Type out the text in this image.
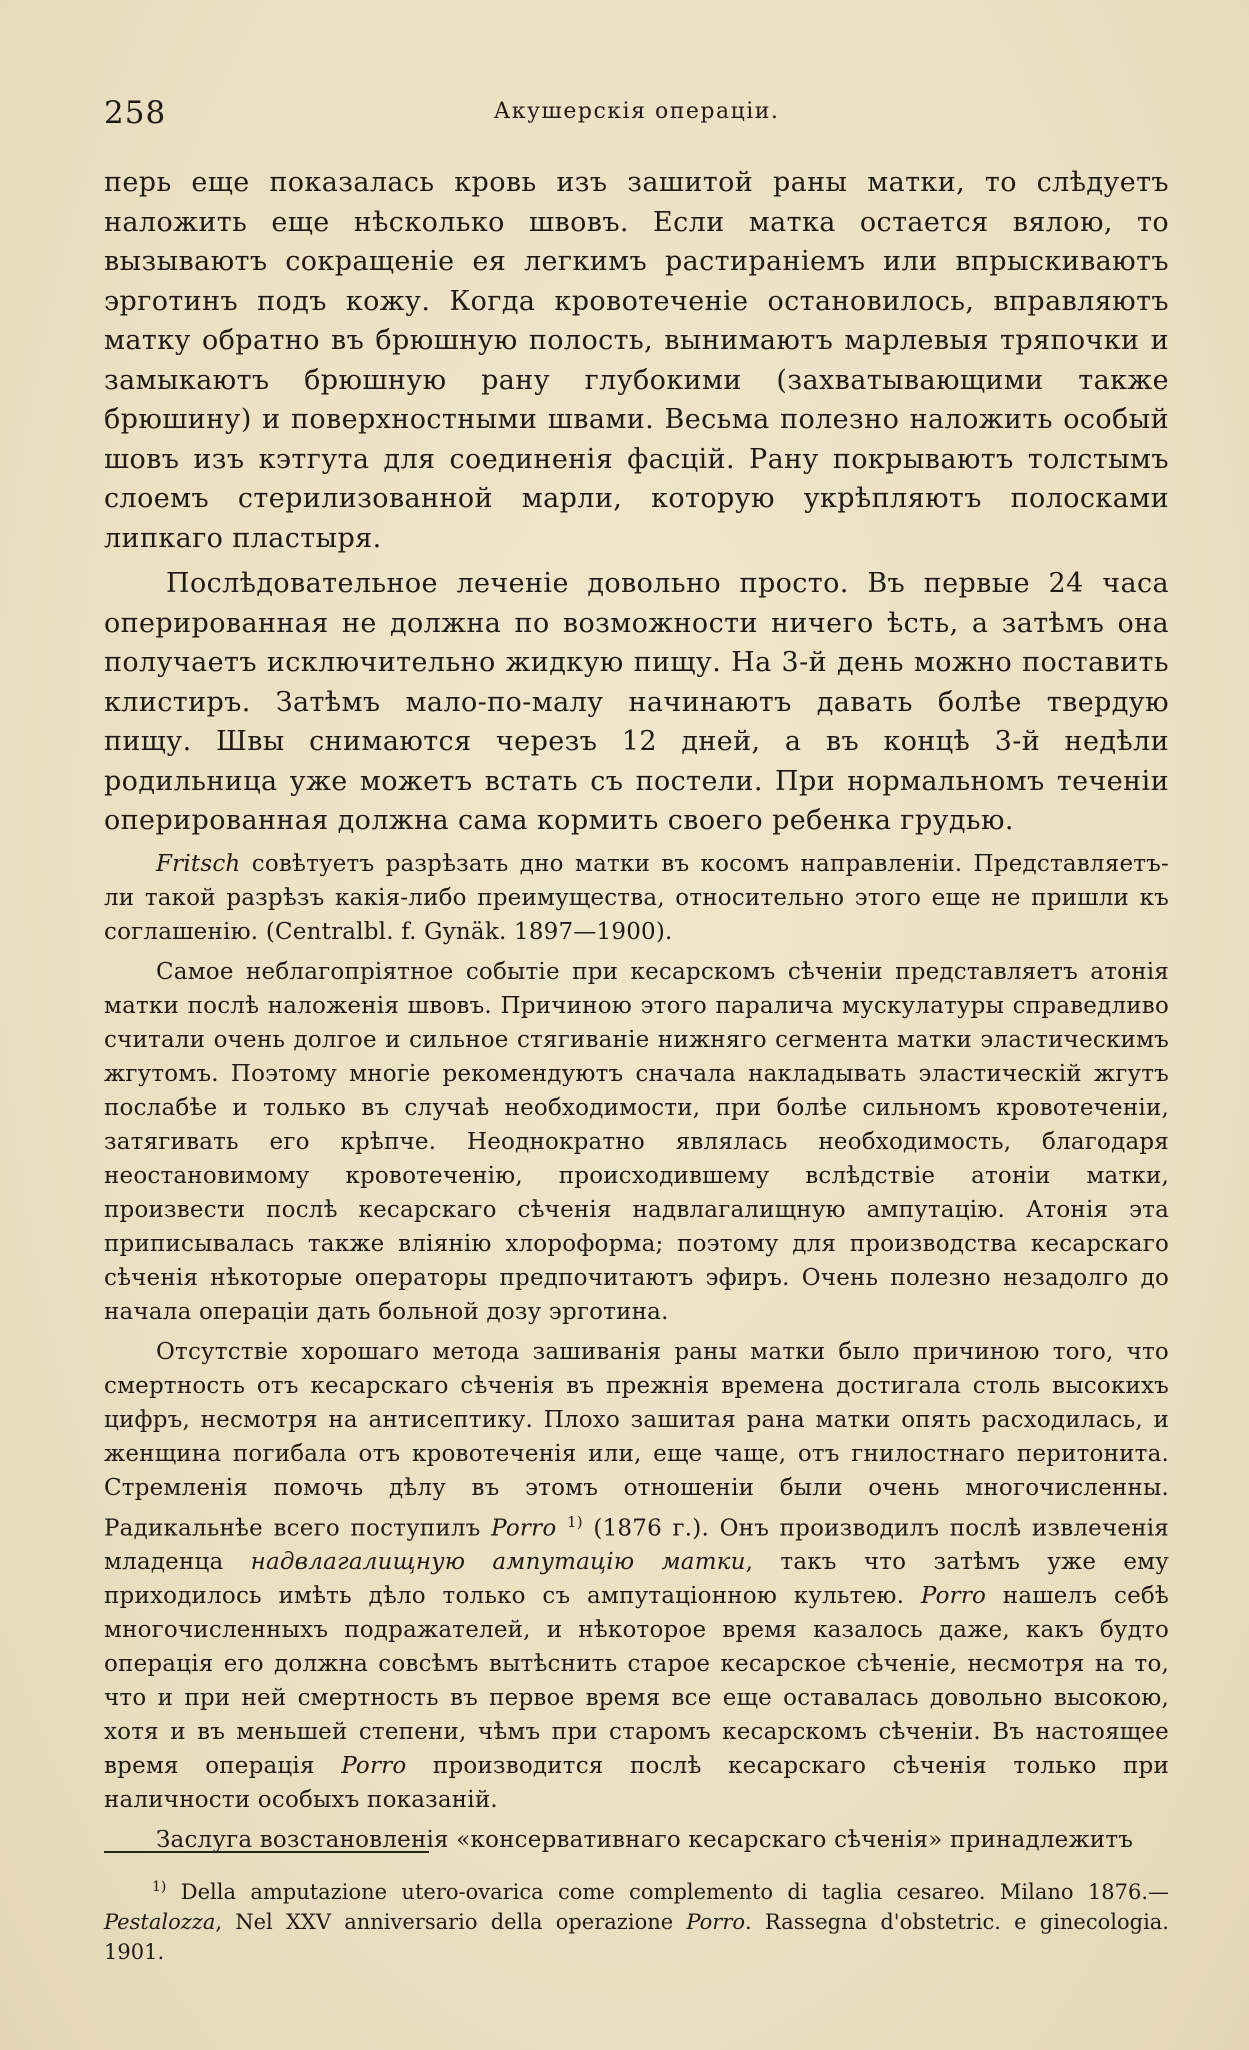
258	Акушерскія операціи.

перь еще показалась кровь изъ зашитой раны матки, то слѣдуетъ наложить еще нѣсколько швовъ. Если матка остается вялою, то вызываютъ сокращеніе ея легкимъ растираніемъ или впрыскиваютъ эрготинъ подъ кожу. Когда кровотеченіе остановилось, вправляютъ матку обратно въ брюшную полость, вынимаютъ марлевыя тряпочки и замыкаютъ брюшную рану глубокими (захватывающими также брюшину) и поверхностными швами. Весьма полезно наложить особый шовъ изъ кэтгута для соединенія фасцій. Рану покрываютъ толстымъ слоемъ стерилизованной марли, которую укрѣпляютъ полосками липкаго пластыря.

Послѣдовательное леченіе довольно просто. Въ первые 24 часа оперированная не должна по возможности ничего ѣсть, а затѣмъ она получаетъ исключительно жидкую пищу. На 3-й день можно поставить клистиръ. Затѣмъ мало-по-малу начинаютъ давать болѣе твердую пищу. Швы снимаются черезъ 12 дней, а въ концѣ 3-й недѣли родильница уже можетъ встать съ постели. При нормальномъ теченіи оперированная должна сама кормить своего ребенка грудью.

Fritsch совѣтуетъ разрѣзать дно матки въ косомъ направленіи. Представляетъ-ли такой разрѣзъ какія-либо преимущества, относительно этого еще не пришли къ соглашенію. (Centralbl. f. Gynäk. 1897—1900).

Самое неблагопріятное событіе при кесарскомъ сѣченіи представляетъ атонія матки послѣ наложенія швовъ. Причиною этого паралича мускулатуры справедливо считали очень долгое и сильное стягиваніе нижняго сегмента матки эластическимъ жгутомъ. Поэтому многіе рекомендуютъ сначала накладывать эластическій жгутъ послабѣе и только въ случаѣ необходимости, при болѣе сильномъ кровотеченіи, затягивать его крѣпче. Неоднократно являлась необходимость, благодаря неостановимому кровотеченію, происходившему вслѣдствіе атоніи матки, произвести послѣ кесарскаго сѣченія надвлагалищную ампутацію. Атонія эта приписывалась также вліянію хлороформа; поэтому для производства кесарскаго сѣченія нѣкоторые операторы предпочитаютъ эфиръ. Очень полезно незадолго до начала операціи дать больной дозу эрготина.

Отсутствіе хорошаго метода зашиванія раны матки было причиною того, что смертность отъ кесарскаго сѣченія въ прежнія времена достигала столь высокихъ цифръ, несмотря на антисептику. Плохо зашитая рана матки опять расходилась, и женщина погибала отъ кровотеченія или, еще чаще, отъ гнилостнаго перитонита. Стремленія помочь дѣлу въ этомъ отношеніи были очень многочисленны. Радикальнѣе всего поступилъ Porro $^{1)}$ (1876 г.). Онъ производилъ послѣ извлеченія младенца надвлагалищную ампутацію матки, такъ что затѣмъ уже ему приходилось имѣть дѣло только съ ампутаціонною культею. Porro нашелъ себѣ многочисленныхъ подражателей, и нѣкоторое время казалось даже, какъ будто операція его должна совсѣмъ вытѣснить старое кесарское сѣченіе, несмотря на то, что и при ней смертность въ первое время все еще оставалась довольно высокою, хотя и въ меньшей степени, чѣмъ при старомъ кесарскомъ сѣченіи. Въ настоящее время операція Porro производится послѣ кесарскаго сѣченія только при наличности особыхъ показаній.

Заслуга возстановленія «консервативнаго кесарскаго сѣченія» принадлежитъ

$^{1)}$ Della amputazione utero-ovarica come complemento di taglia cesareo. Milano 1876.—Pestalozza, Nel XXV anniversario della operazione Porro. Rassegna d'obstetric. e ginecologia. 1901.
